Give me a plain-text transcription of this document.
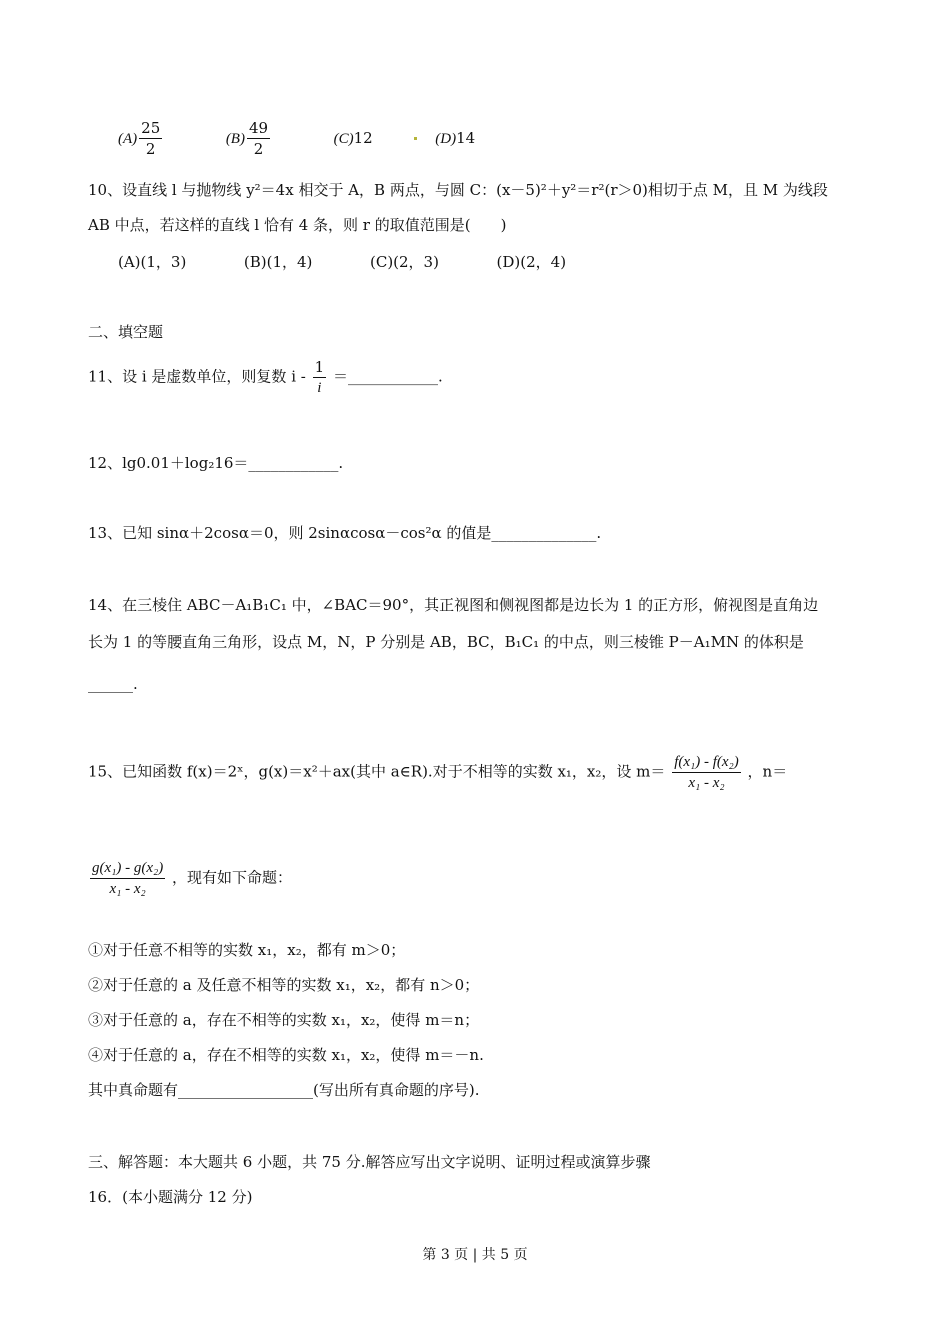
$(A) \frac{25}{2}$	$(B) \frac{49}{2}$	(C)12	(D)14
10、设直线 l 与抛物线 y²＝4x 相交于 A，B 两点，与圆 C：(x－5)²＋y²＝r²(r＞0)相切于点 M，且 M 为线段
AB 中点，若这样的直线 l 恰有 4 条，则 r 的取值范围是(　　)
(A)(1，3)	(B)(1，4)	(C)(2，3)	(D)(2，4)
二、填空题
11、设 i 是虚数单位，则复数 i - $\frac{1}{i}$ ＝____________.
12、lg0.01＋log₂16＝____________.
13、已知 sinα＋2cosα＝0，则 2sinαcosα－cos²α 的值是______________.
14、在三棱住 ABC－A₁B₁C₁ 中，∠BAC＝90°，其正视图和侧视图都是边长为 1 的正方形，俯视图是直角边
长为 1 的等腰直角三角形，设点 M，N，P 分别是 AB，BC，B₁C₁ 的中点，则三棱锥 P－A₁MN 的体积是
______.
15、已知函数 f(x)＝2ˣ，g(x)＝x²＋ax(其中 a∈R).对于不相等的实数 x₁，x₂，设 $m= \frac{\text{f(x₁) - f(x₂)}}{\text{x₁ - x₂}}$ ，n＝
$\frac{\text{g(x₁) - g(x₂)}}{\text{x₁ - x₂}}$ ，现有如下命题：
①对于任意不相等的实数 x₁，x₂，都有 m＞0；
②对于任意的 a 及任意不相等的实数 x₁，x₂，都有 n＞0；
③对于任意的 a，存在不相等的实数 x₁，x₂，使得 m＝n；
④对于任意的 a，存在不相等的实数 x₁，x₂，使得 m＝－n.
其中真命题有__________________(写出所有真命题的序号).
三、解答题：本大题共 6 小题，共 75 分.解答应写出文字说明、证明过程或演算步骤
16．(本小题满分 12 分)
第 3 页 | 共 5 页
